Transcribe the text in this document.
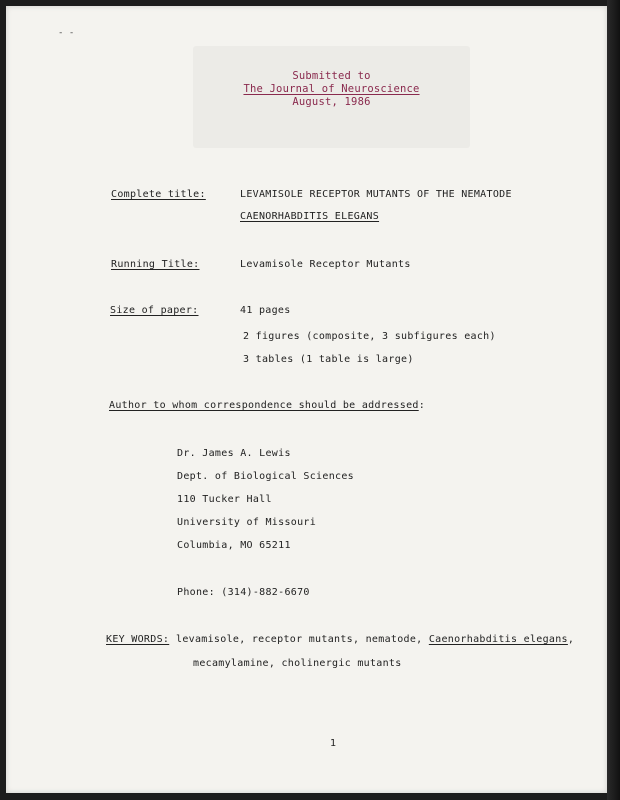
- -
Submitted to
The Journal of Neuroscience
August, 1986
Complete title:	LEVAMISOLE RECEPTOR MUTANTS OF THE NEMATODE
CAENORHABDITIS ELEGANS
Running Title:	Levamisole Receptor Mutants
Size of paper:	41 pages
2 figures (composite, 3 subfigures each)
3 tables (1 table is large)
Author to whom correspondence should be addressed:
Dr. James A. Lewis
Dept. of Biological Sciences
110 Tucker Hall
University of Missouri
Columbia, MO 65211
Phone: (314)-882-6670
KEY WORDS: levamisole, receptor mutants, nematode, Caenorhabditis elegans,
mecamylamine, cholinergic mutants
1
